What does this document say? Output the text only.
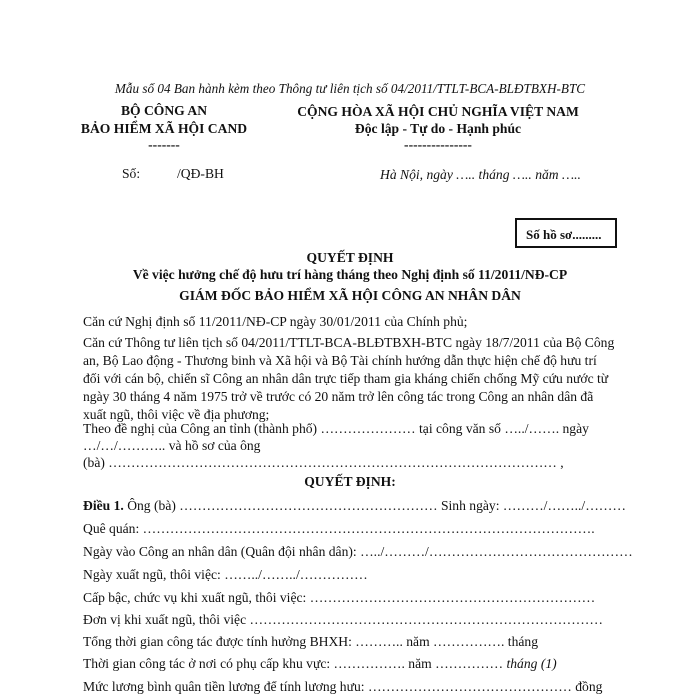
Mẫu số 04 Ban hành kèm theo Thông tư liên tịch số 04/2011/TTLT-BCA-BLĐTBXH-BTC
BỘ CÔNG AN
BẢO HIỂM XÃ HỘI CAND
-------
CỘNG HÒA XÃ HỘI CHỦ NGHĨA VIỆT NAM
Độc lập - Tự do - Hạnh phúc
---------------
Số:	/QĐ-BH	Hà Nội, ngày ….. tháng ….. năm …..
Số hồ sơ.........
QUYẾT ĐỊNH
Về việc hưởng chế độ hưu trí hàng tháng theo Nghị định số 11/2011/NĐ-CP
GIÁM ĐỐC BẢO HIỂM XÃ HỘI CÔNG AN NHÂN DÂN
Căn cứ Nghị định số 11/2011/NĐ-CP ngày 30/01/2011 của Chính phủ;
Căn cứ Thông tư liên tịch số 04/2011/TTLT-BCA-BLĐTBXH-BTC ngày 18/7/2011 của Bộ Công an, Bộ Lao động - Thương binh và Xã hội và Bộ Tài chính hướng dẫn thực hiện chế độ hưu trí đối với cán bộ, chiến sĩ Công an nhân dân trực tiếp tham gia kháng chiến chống Mỹ cứu nước từ ngày 30 tháng 4 năm 1975 trở về trước có 20 năm trở lên công tác trong Công an nhân dân đã xuất ngũ, thôi việc về địa phương;
Theo đề nghị của Công an tỉnh (thành phố) ………………… tại công văn số …../……. ngày
…/…/……….. và hồ sơ của ông
(bà) ……………………………………………………………………………………… ,
QUYẾT ĐỊNH:
Điều 1. Ông (bà) ………………………………………………… Sinh ngày: ………/……../………
Quê quán: ……………………………………………………………………………………….
Ngày vào Công an nhân dân (Quân đội nhân dân): …../………/………………………………………
Ngày xuất ngũ, thôi việc: ……../……../……………
Cấp bậc, chức vụ khi xuất ngũ, thôi việc: ………………………………………………………
Đơn vị khi xuất ngũ, thôi việc ……………………………………………………………………
Tổng thời gian công tác được tính hưởng BHXH: ……….. năm ……………. tháng
Thời gian công tác ở nơi có phụ cấp khu vực: ……………. năm …………… tháng (1)
Mức lương bình quân tiền lương để tính lương hưu: ……………………………………… đồng
